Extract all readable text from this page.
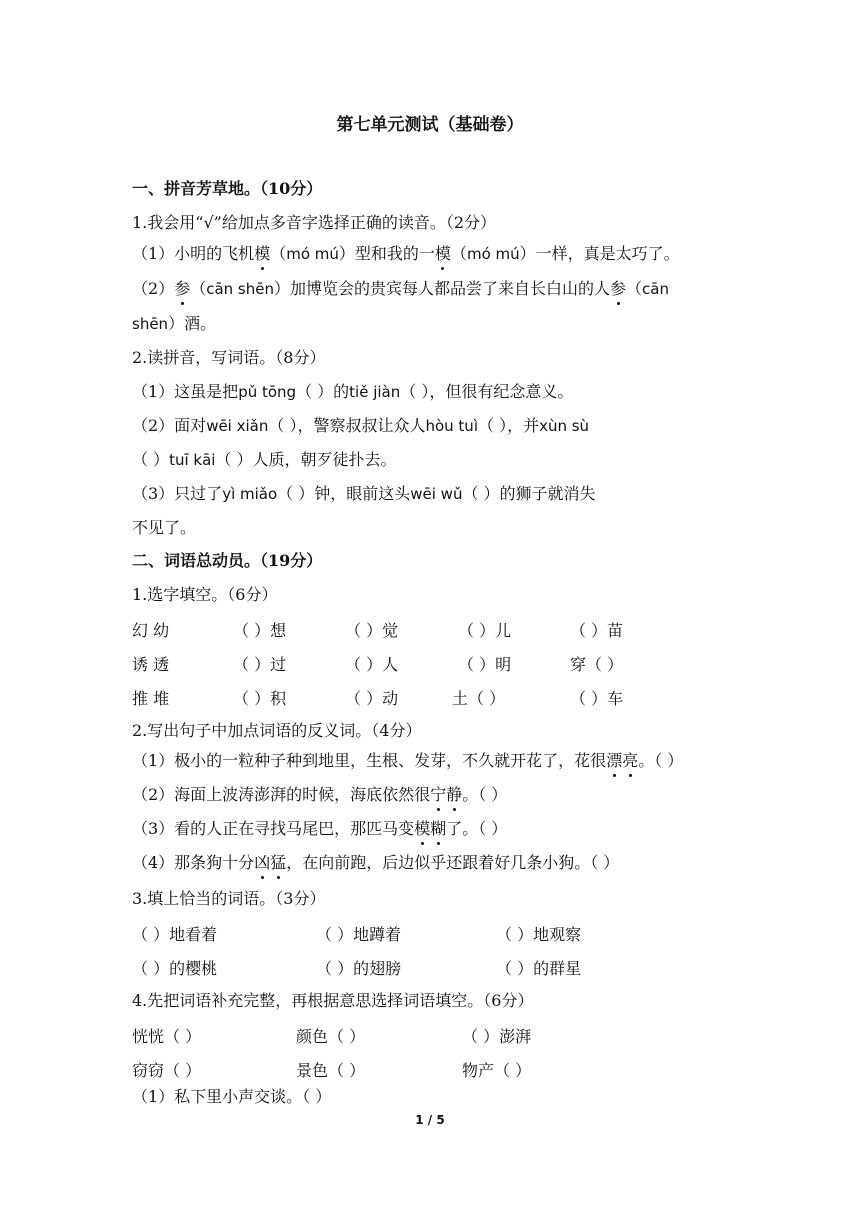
第七单元测试（基础卷）
一、拼音芳草地。（10分）
1.我会用“√”给加点多音字选择正确的读音。（2分）
（1）小明的飞机模（mó mú）型和我的一模（mó mú）一样，真是太巧了。
（2）参（cān shēn）加博览会的贵宾每人都品尝了来自长白山的人参（cān
shēn）酒。
2.读拼音，写词语。（8分）
（1）这虽是把pǔ tōng（ ）的tiě jiàn（ ），但很有纪念意义。
（2）面对wēi xiǎn（ ），警察叔叔让众人hòu tuì（ ），并xùn sù
（ ）tuī kāi（ ）人质，朝歹徒扑去。
（3）只过了yì miǎo（ ）钟，眼前这头wēi wǔ（ ）的狮子就消失
不见了。
二、词语总动员。（19分）
1.选字填空。（6分）
幻 幼	（ ）想	（ ）觉	（ ）儿	（ ）苗
诱 透	（ ）过	（ ）人	（ ）明	穿（ ）
推 堆	（ ）积	（ ）动	土（ ）	（ ）车
2.写出句子中加点词语的反义词。（4分）
（1）极小的一粒种子种到地里，生根、发芽，不久就开花了，花很漂亮。（ ）
（2）海面上波涛澎湃的时候，海底依然很宁静。（ ）
（3）看的人正在寻找马尾巴，那匹马变模糊了。（ ）
（4）那条狗十分凶猛，在向前跑，后边似乎还跟着好几条小狗。（ ）
3.填上恰当的词语。（3分）
（ ）地看着	（ ）地蹲着	（ ）地观察
（ ）的樱桃	（ ）的翅膀	（ ）的群星
4.先把词语补充完整，再根据意思选择词语填空。（6分）
恍恍（ ）	颜色（ ）	（ ）澎湃
窃窃（ ）	景色（ ）	物产（ ）
（1）私下里小声交谈。（ ）
1 / 5
